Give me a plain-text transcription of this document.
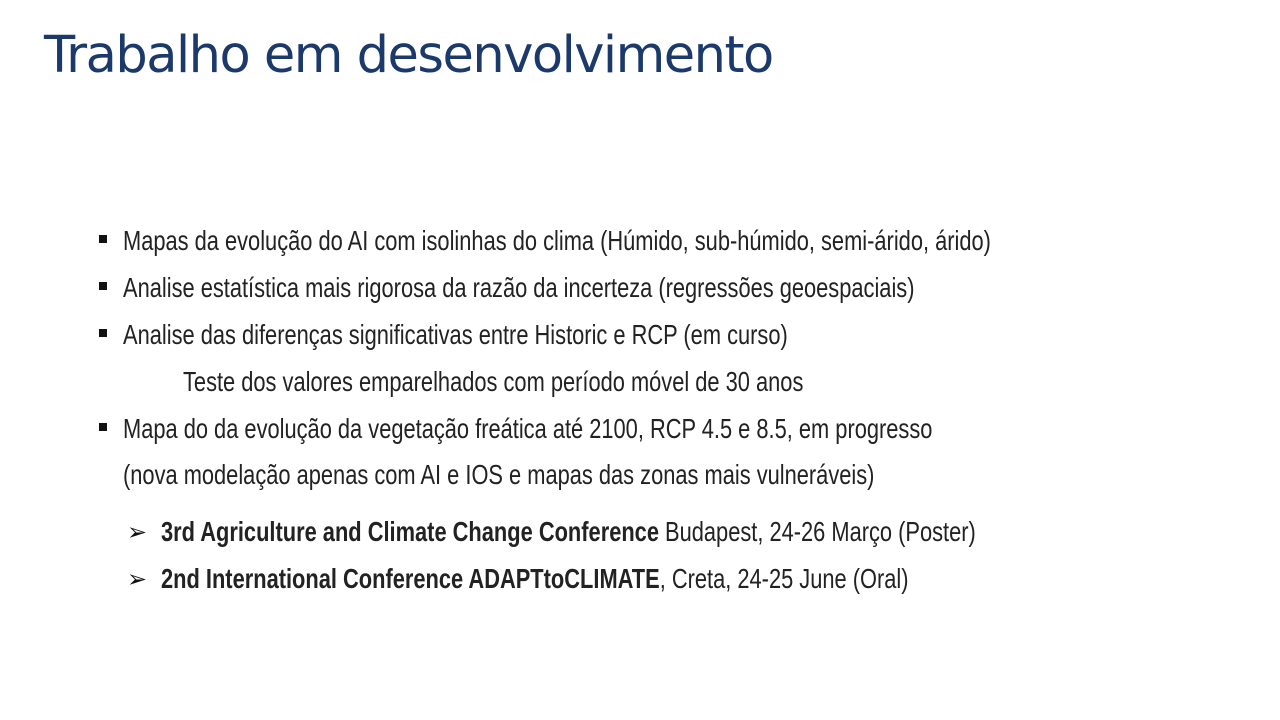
Trabalho em desenvolvimento
Mapas da evolução do AI com isolinhas do clima (Húmido, sub-húmido, semi-árido, árido)
Analise estatística mais rigorosa da razão da incerteza (regressões geoespaciais)
Analise das diferenças significativas entre Historic e RCP (em curso)
Teste dos valores emparelhados com período móvel de 30 anos
Mapa do da evolução da vegetação freática até 2100, RCP 4.5 e 8.5, em progresso
(nova modelação apenas com AI e IOS e mapas das zonas mais vulneráveis)
➢ 3rd Agriculture and Climate Change Conference Budapest, 24-26 Março (Poster)
➢ 2nd International Conference ADAPTtoCLIMATE, Creta, 24-25 June (Oral)
